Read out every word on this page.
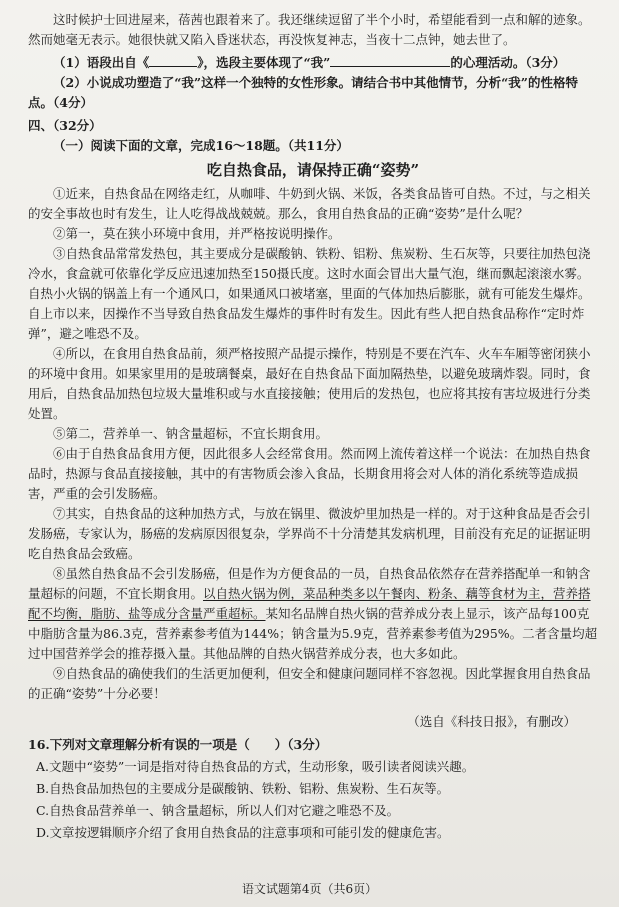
这时候护士回进屋来，蓓茜也跟着来了。我还继续逗留了半个小时，希望能看到一点和解的迹象。然而她毫无表示。她很快就又陷入昏迷状态，再没恢复神志，当夜十二点钟，她去世了。

（1）语段出自《	》，选段主要体现了“我”	的心理活动。（3分）

（2）小说成功塑造了“我”这样一个独特的女性形象。请结合书中其他情节，分析“我”的性格特点。（4分）

四、（32分）

（一）阅读下面的文章，完成16～18题。（共11分）

吃自热食品，请保持正确“姿势”

①近来，自热食品在网络走红，从咖啡、牛奶到火锅、米饭，各类食品皆可自热。不过，与之相关的安全事故也时有发生，让人吃得战战兢兢。那么，食用自热食品的正确“姿势”是什么呢？

②第一，莫在狭小环境中食用，并严格按说明操作。

③自热食品常常发热包，其主要成分是碳酸钠、铁粉、铝粉、焦炭粉、生石灰等，只要往加热包浇冷水，食盒就可依靠化学反应迅速加热至150摄氏度。这时水面会冒出大量气泡，继而飘起滚滚水雾。自热小火锅的锅盖上有一个通风口，如果通风口被堵塞，里面的气体加热后膨胀，就有可能发生爆炸。自上市以来，因操作不当导致自热食品发生爆炸的事件时有发生。因此有些人把自热食品称作“定时炸弹”，避之唯恐不及。

④所以，在食用自热食品前，须严格按照产品提示操作，特别是不要在汽车、火车车厢等密闭狭小的环境中食用。如果家里用的是玻璃餐桌，最好在自热食品下面加隔热垫，以避免玻璃炸裂。同时，食用后，自热食品加热包垃圾大量堆积或与水直接接触；使用后的发热包，也应将其按有害垃圾进行分类处置。

⑤第二，营养单一、钠含量超标，不宜长期食用。

⑥由于自热食品食用方便，因此很多人会经常食用。然而网上流传着这样一个说法：在加热自热食品时，热源与食品直接接触，其中的有害物质会渗入食品，长期食用将会对人体的消化系统等造成损害，严重的会引发肠癌。

⑦其实，自热食品的这种加热方式，与放在锅里、微波炉里加热是一样的。对于这种食品是否会引发肠癌，专家认为，肠癌的发病原因很复杂，学界尚不十分清楚其发病机理，目前没有充足的证据证明吃自热食品会致癌。

⑧虽然自热食品不会引发肠癌，但是作为方便食品的一员，自热食品依然存在营养搭配单一和钠含量超标的问题，不宜长期食用。以自热火锅为例，菜品种类多以午餐肉、粉条、藕等食材为主，营养搭配不均衡，脂肪、盐等成分含量严重超标。某知名品牌自热火锅的营养成分表上显示，该产品每100克中脂肪含量为86.3克，营养素参考值为144%；钠含量为5.9克，营养素参考值为295%。二者含量均超过中国营养学会的推荐摄入量。其他品牌的自热火锅营养成分表，也大多如此。

⑨自热食品的确使我们的生活更加便利，但安全和健康问题同样不容忽视。因此掌握食用自热食品的正确“姿势”十分必要！

（选自《科技日报》，有删改）

16.下列对文章理解分析有误的一项是（　　）（3分）

A.文题中“姿势”一词是指对待自热食品的方式，生动形象，吸引读者阅读兴趣。

B.自热食品加热包的主要成分是碳酸钠、铁粉、铝粉、焦炭粉、生石灰等。

C.自热食品营养单一、钠含量超标，所以人们对它避之唯恐不及。

D.文章按逻辑顺序介绍了食用自热食品的注意事项和可能引发的健康危害。

语文试题第4页（共6页）
